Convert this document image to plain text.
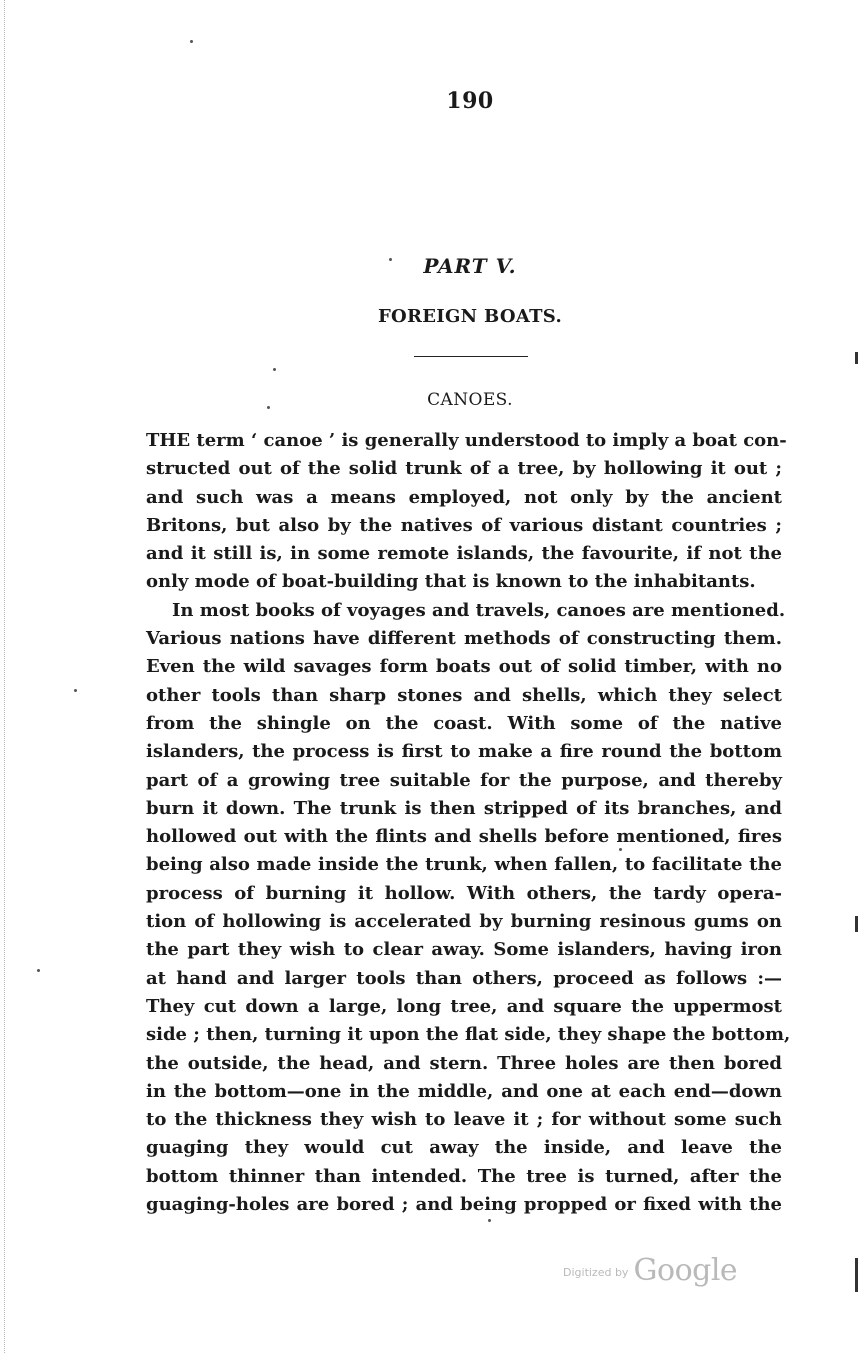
190
PART V.
FOREIGN BOATS.
CANOES.
THE term ‘ canoe ’ is generally understood to imply a boat con-
structed out of the solid trunk of a tree, by hollowing it out ;
and such was a means employed, not only by the ancient
Britons, but also by the natives of various distant countries ;
and it still is, in some remote islands, the favourite, if not the
only mode of boat-building that is known to the inhabitants.
In most books of voyages and travels, canoes are mentioned.
Various nations have different methods of constructing them.
Even the wild savages form boats out of solid timber, with no
other tools than sharp stones and shells, which they select
from the shingle on the coast. With some of the native
islanders, the process is first to make a fire round the bottom
part of a growing tree suitable for the purpose, and thereby
burn it down. The trunk is then stripped of its branches, and
hollowed out with the flints and shells before mentioned, fires
being also made inside the trunk, when fallen, to facilitate the
process of burning it hollow. With others, the tardy opera-
tion of hollowing is accelerated by burning resinous gums on
the part they wish to clear away. Some islanders, having iron
at hand and larger tools than others, proceed as follows :—
They cut down a large, long tree, and square the uppermost
side ; then, turning it upon the flat side, they shape the bottom,
the outside, the head, and stern. Three holes are then bored
in the bottom—one in the middle, and one at each end—down
to the thickness they wish to leave it ; for without some such
guaging they would cut away the inside, and leave the
bottom thinner than intended. The tree is turned, after the
guaging-holes are bored ; and being propped or fixed with the
$^{Digitized by}$ Google
